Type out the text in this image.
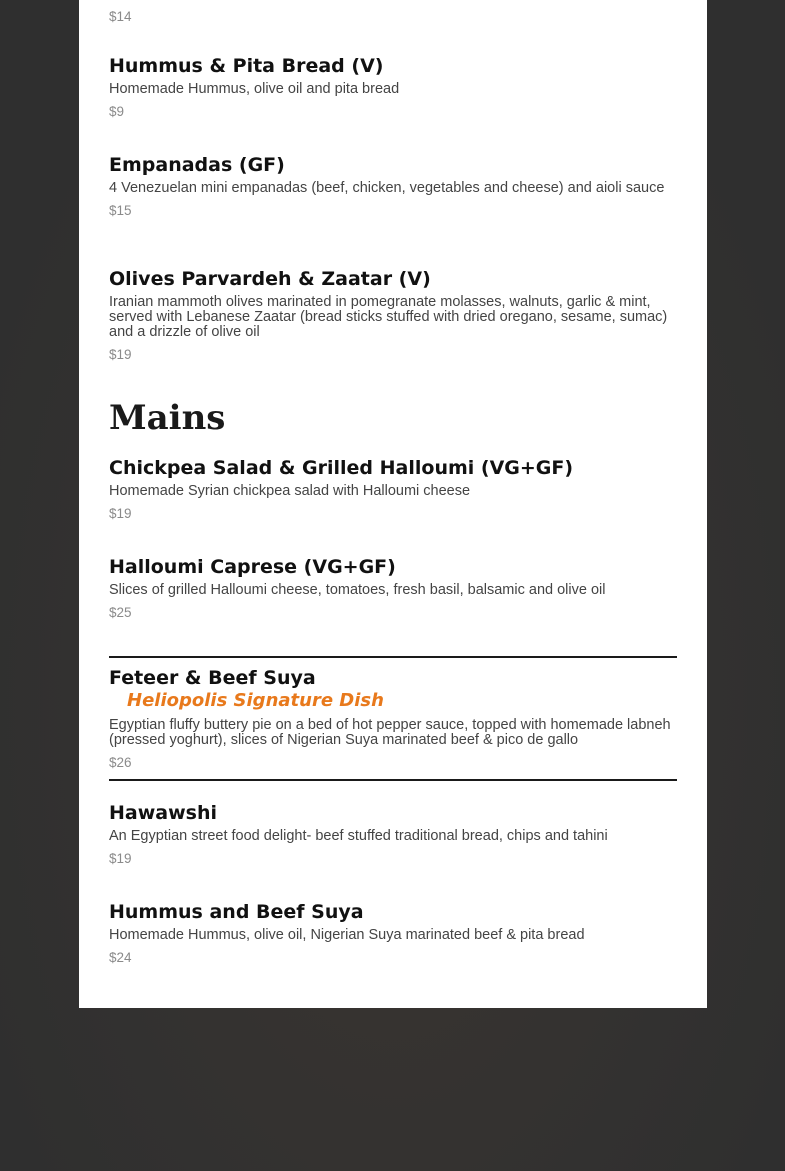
$14
Hummus & Pita Bread (V)
Homemade Hummus, olive oil and pita bread
$9
Empanadas (GF)
4 Venezuelan mini empanadas (beef, chicken, vegetables and cheese) and aioli sauce
$15
Olives Parvardeh & Zaatar (V)
Iranian mammoth olives marinated in pomegranate molasses, walnuts, garlic & mint, served with Lebanese Zaatar (bread sticks stuffed with dried oregano, sesame, sumac) and a drizzle of olive oil
$19
Mains
Chickpea Salad & Grilled Halloumi (VG+GF)
Homemade Syrian chickpea salad with Halloumi cheese
$19
Halloumi Caprese (VG+GF)
Slices of grilled Halloumi cheese, tomatoes, fresh basil, balsamic and olive oil
$25
Feteer & Beef Suya
Heliopolis Signature Dish
Egyptian fluffy buttery pie on a bed of hot pepper sauce, topped with homemade labneh (pressed yoghurt), slices of Nigerian Suya marinated beef & pico de gallo
$26
Hawawshi
An Egyptian street food delight- beef stuffed traditional bread, chips and tahini
$19
Hummus and Beef Suya
Homemade Hummus, olive oil, Nigerian Suya marinated beef & pita bread
$24
